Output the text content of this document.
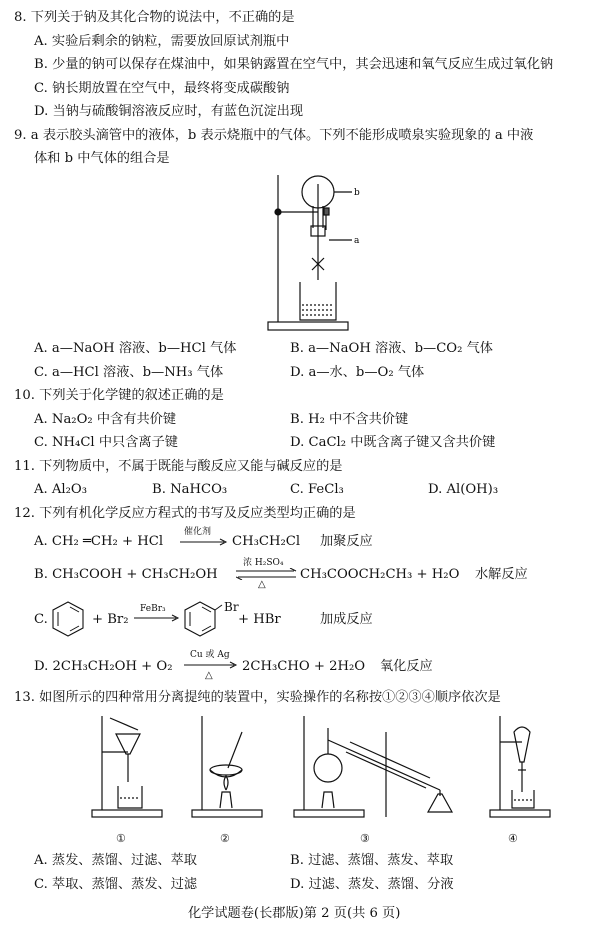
8. 下列关于钠及其化合物的说法中，不正确的是
A. 实验后剩余的钠粒，需要放回原试剂瓶中
B. 少量的钠可以保存在煤油中，如果钠露置在空气中，其会迅速和氧气反应生成过氧化钠
C. 钠长期放置在空气中，最终将变成碳酸钠
D. 当钠与硫酸铜溶液反应时，有蓝色沉淀出现
9. a 表示胶头滴管中的液体，b 表示烧瓶中的气体。下列不能形成喷泉实验现象的 a 中液
体和 b 中气体的组合是
b
a
A. a—NaOH 溶液、b—HCl 气体	B. a—NaOH 溶液、b—CO₂ 气体
C. a—HCl 溶液、b—NH₃ 气体	D. a—水、b—O₂ 气体
10. 下列关于化学键的叙述正确的是
A. Na₂O₂ 中含有共价键	B. H₂ 中不含共价键
C. NH₄Cl 中只含离子键	D. CaCl₂ 中既含离子键又含共价键
11. 下列物质中，不属于既能与酸反应又能与碱反应的是
A. Al₂O₃	B. NaHCO₃	C. FeCl₃	D. Al(OH)₃
12. 下列有机化学反应方程式的书写及反应类型均正确的是
A. CH₂ ═CH₂ + HCl
催化剂
CH₃CH₂Cl 加聚反应
B. CH₃COOH + CH₃CH₂OH
浓 H₂SO₄
△
CH₃COOCH₂CH₃ + H₂O 水解反应
C.	+ Br₂
FeBr₃	Br
+ HBr	加成反应
D. 2CH₃CH₂OH + O₂
Cu 或 Ag
△
2CH₃CHO + 2H₂O 氧化反应
13. 如图所示的四种常用分离提纯的装置中，实验操作的名称按①②③④顺序依次是
①	②	③	④
A. 蒸发、蒸馏、过滤、萃取	B. 过滤、蒸馏、蒸发、萃取
C. 萃取、蒸馏、蒸发、过滤	D. 过滤、蒸发、蒸馏、分液
化学试题卷(长郡版)第 2 页(共 6 页)
